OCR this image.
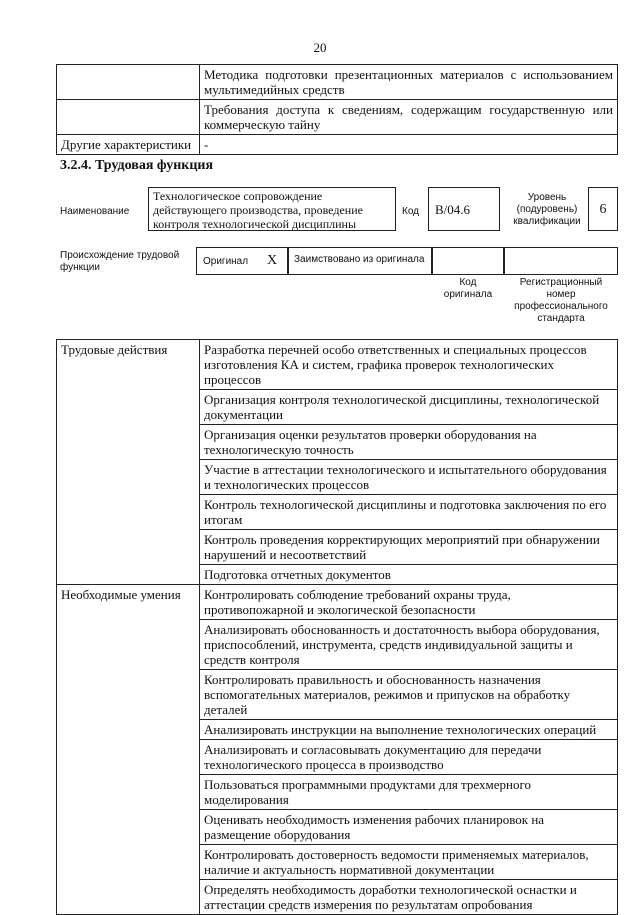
20
	Методика подготовки презентационных материалов с использованием мультимедийных средств
	Требования доступа к сведениям, содержащим государственную или коммерческую тайну
Другие характеристики	-
3.2.4. Трудовая функция
Наименование
Технологическое сопровождение действующего производства, проведение контроля технологической дисциплины
Код	В/04.6
Уровень (подуровень) квалификации
6
Происхождение трудовой функции
Оригинал X	Заимствовано из оригинала
Код оригинала
Регистрационный номер профессионального стандарта
Трудовые действия	Разработка перечней особо ответственных и специальных процессов изготовления КА и систем, графика проверок технологических процессов
	Организация контроля технологической дисциплины, технологической документации
	Организация оценки результатов проверки оборудования на технологическую точность
	Участие в аттестации технологического и испытательного оборудования и технологических процессов
	Контроль технологической дисциплины и подготовка заключения по его итогам
	Контроль проведения корректирующих мероприятий при обнаружении нарушений и несоответствий
	Подготовка отчетных документов
Необходимые умения	Контролировать соблюдение требований охраны труда, противопожарной и экологической безопасности
	Анализировать обоснованность и достаточность выбора оборудования, приспособлений, инструмента, средств индивидуальной защиты и средств контроля
	Контролировать правильность и обоснованность назначения вспомогательных материалов, режимов и припусков на обработку деталей
	Анализировать инструкции на выполнение технологических операций
	Анализировать и согласовывать документацию для передачи технологического процесса в производство
	Пользоваться программными продуктами для трехмерного моделирования
	Оценивать необходимость изменения рабочих планировок на размещение оборудования
	Контролировать достоверность ведомости применяемых материалов, наличие и актуальность нормативной документации
	Определять необходимость доработки технологической оснастки и аттестации средств измерения по результатам опробования
